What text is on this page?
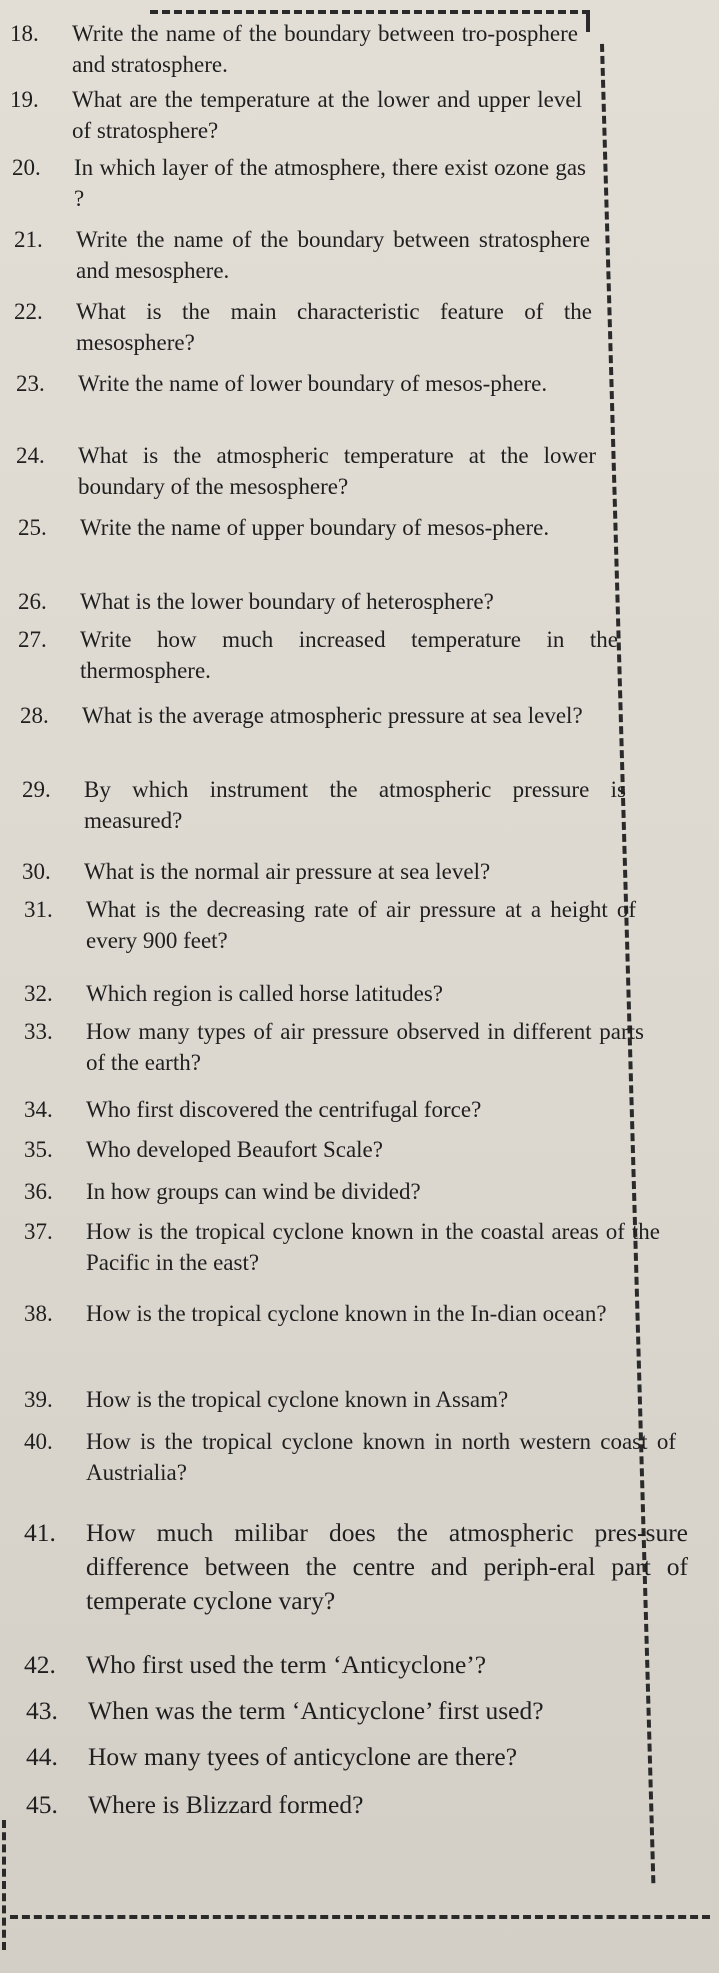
18.	Write the name of the boundary between tro-posphere and stratosphere.
19.	What are the temperature at the lower and upper level of stratosphere?
20.	In which layer of the atmosphere, there exist ozone gas ?
21.	Write the name of the boundary between stratosphere and mesosphere.
22.	What is the main characteristic feature of the mesosphere?
23.	Write the name of lower boundary of mesos-phere.
24.	What is the atmospheric temperature at the lower boundary of the mesosphere?
25.	Write the name of upper boundary of mesos-phere.
26.	What is the lower boundary of heterosphere?
27.	Write how much increased temperature in the thermosphere.
28.	What is the average atmospheric pressure at sea level?
29.	By which instrument the atmospheric pressure is measured?
30.	What is the normal air pressure at sea level?
31.	What is the decreasing rate of air pressure at a height of every 900 feet?
32.	Which region is called horse latitudes?
33.	How many types of air pressure observed in different parts of the earth?
34.	Who first discovered the centrifugal force?
35.	Who developed Beaufort Scale?
36.	In how groups can wind be divided?
37.	How is the tropical cyclone known in the coastal areas of the Pacific in the east?
38.	How is the tropical cyclone known in the In-dian ocean?
39.	How is the tropical cyclone known in Assam?
40.	How is the tropical cyclone known in north western coast of Austrialia?
41.	How much milibar does the atmospheric pres-sure difference between the centre and periph-eral part of temperate cyclone vary?
42.	Who first used the term ‘Anticyclone’?
43.	When was the term ‘Anticyclone’ first used?
44.	How many tyees of anticyclone are there?
45.	Where is Blizzard formed?
